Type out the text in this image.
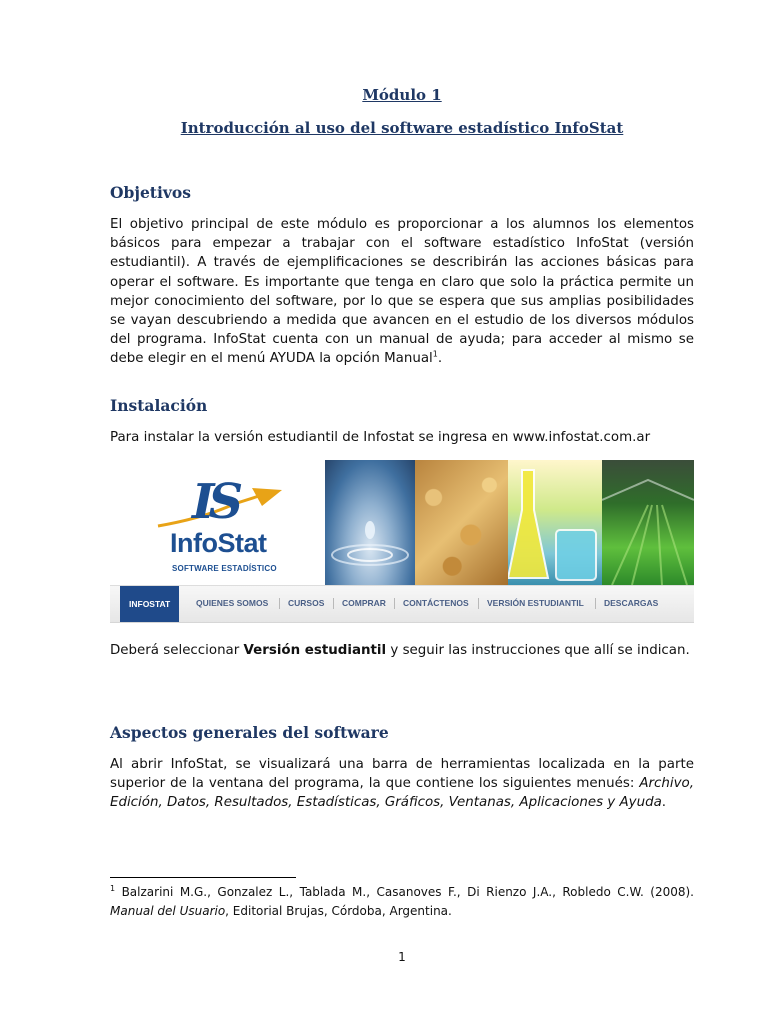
Módulo 1
Introducción al uso del software estadístico InfoStat
Objetivos

El objetivo principal de este módulo es proporcionar a los alumnos los elementos básicos para empezar a trabajar con el software estadístico InfoStat (versión estudiantil). A través de ejemplificaciones se describirán las acciones básicas para operar el software. Es importante que tenga en claro que solo la práctica permite un mejor conocimiento del software, por lo que se espera que sus amplias posibilidades se vayan descubriendo a medida que avancen en el estudio de los diversos módulos del programa. InfoStat cuenta con un manual de ayuda; para acceder al mismo se debe elegir en el menú AYUDA la opción Manual$^1$.

Instalación

Para instalar la versión estudiantil de Infostat se ingresa en www.infostat.com.ar

IS
InfoStat
SOFTWARE ESTADÍSTICO
INFOSTAT	QUIENES SOMOS CURSOS COMPRAR CONTÁCTENOS VERSIÓN ESTUDIANTIL DESCARGAS

Deberá seleccionar Versión estudiantil y seguir las instrucciones que allí se indican.

Aspectos generales del software

Al abrir InfoStat, se visualizará una barra de herramientas localizada en la parte superior de la ventana del programa, la que contiene los siguientes menués: Archivo, Edición, Datos, Resultados, Estadísticas, Gráficos, Ventanas, Aplicaciones y Ayuda.

$^1$ Balzarini M.G., Gonzalez L., Tablada M., Casanoves F., Di Rienzo J.A., Robledo C.W. (2008). Manual del Usuario, Editorial Brujas, Córdoba, Argentina.

1
